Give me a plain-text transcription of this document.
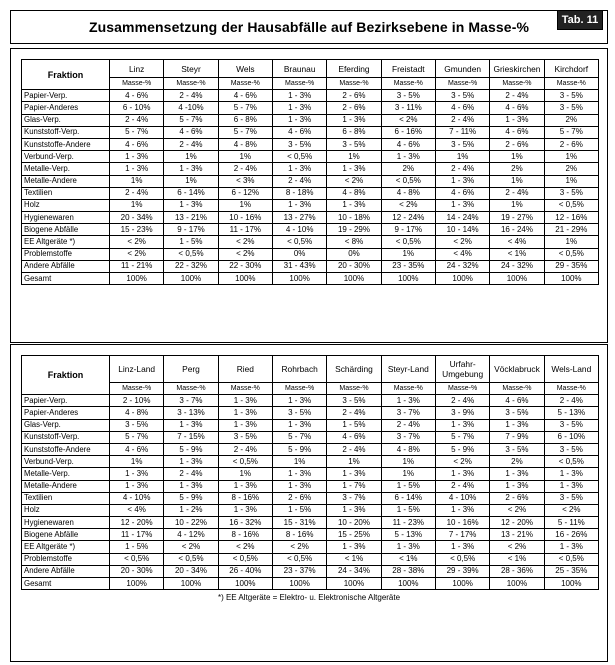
Zusammensetzung der Hausabfälle auf Bezirksebene in Masse-%	Tab. 11
Fraktion	Linz	Steyr	Wels	Braunau	Eferding	Freistadt	Gmunden	Grieskirchen	Kirchdorf
	Masse-%	Masse-%	Masse-%	Masse-%	Masse-%	Masse-%	Masse-%	Masse-%	Masse-%
Papier-Verp.	4 - 6%	2 - 4%	4 - 6%	1 - 3%	2 - 6%	3 - 5%	3 - 5%	2 - 4%	3 - 5%
Papier-Anderes	6 - 10%	4 -10%	5 - 7%	1 - 3%	2 - 6%	3 - 11%	4 - 6%	4 - 6%	3 - 5%
Glas-Verp.	2 - 4%	5 - 7%	6 - 8%	1 - 3%	1 - 3%	< 2%	2 - 4%	1 - 3%	2%
Kunststoff-Verp.	5 - 7%	4 - 6%	5 - 7%	4 - 6%	6 - 8%	6 - 16%	7 - 11%	4 - 6%	5 - 7%
Kunststoffe-Andere	4 - 6%	2 - 4%	4 - 8%	3 - 5%	3 - 5%	4 - 6%	3 - 5%	2 - 6%	2 - 6%
Verbund-Verp.	1 - 3%	1%	1%	< 0,5%	1%	1 - 3%	1%	1%	1%
Metalle-Verp.	1 - 3%	1 - 3%	2 - 4%	1 - 3%	1 - 3%	2%	2 - 4%	2%	2%
Metalle-Andere	1%	1%	< 3%	2 - 4%	< 2%	< 0,5%	1 - 3%	1%	1%
Textilien	2 - 4%	6 - 14%	6 - 12%	8 - 18%	4 - 8%	4 - 8%	4 - 6%	2 - 4%	3 - 5%
Holz	1%	1 - 3%	1%	1 - 3%	1 - 3%	< 2%	1 - 3%	1%	< 0,5%
Hygienewaren	20 - 34%	13 - 21%	10 - 16%	13 - 27%	10 - 18%	12 - 24%	14 - 24%	19 - 27%	12 - 16%
Biogene Abfälle	15 - 23%	9 - 17%	11 - 17%	4 - 10%	19 - 29%	9 - 17%	10 - 14%	16 - 24%	21 - 29%
EE Altgeräte *)	< 2%	1 - 5%	< 2%	< 0,5%	< 8%	< 0,5%	< 2%	< 4%	1%
Problemstoffe	< 2%	< 0,5%	< 2%	0%	0%	1%	< 4%	< 1%	< 0,5%
Andere Abfälle	11 - 21%	22 - 32%	22 - 30%	31 - 43%	20 - 30%	23 - 35%	24 - 32%	24 - 32%	29 - 35%
Gesamt	100%	100%	100%	100%	100%	100%	100%	100%	100%
Fraktion	Linz-Land	Perg	Ried	Rohrbach	Schärding	Steyr-Land	Urfahr-Umgebung	Vöcklabruck	Wels-Land
	Masse-%	Masse-%	Masse-%	Masse-%	Masse-%	Masse-%	Masse-%	Masse-%	Masse-%
Papier-Verp.	2 - 10%	3 - 7%	1 - 3%	1 - 3%	3 - 5%	1 - 3%	2 - 4%	4 - 6%	2 - 4%
Papier-Anderes	4 - 8%	3 - 13%	1 - 3%	3 - 5%	2 - 4%	3 - 7%	3 - 9%	3 - 5%	5 - 13%
Glas-Verp.	3 - 5%	1 - 3%	1 - 3%	1 - 3%	1 - 5%	2 - 4%	1 - 3%	1 - 3%	3 - 5%
Kunststoff-Verp.	5 - 7%	7 - 15%	3 - 5%	5 - 7%	4 - 6%	3 - 7%	5 - 7%	7 - 9%	6 - 10%
Kunststoffe-Andere	4 - 6%	5 - 9%	2 - 4%	5 - 9%	2 - 4%	4 - 8%	5 - 9%	3 - 5%	3 - 5%
Verbund-Verp.	1%	1 - 3%	< 0,5%	1%	1%	1%	< 2%	2%	< 0,5%
Metalle-Verp.	1 - 3%	2 - 4%	1%	1 - 3%	1 - 3%	1%	1 - 3%	1 - 3%	1 - 3%
Metalle-Andere	1 - 3%	1 - 3%	1 - 3%	1 - 3%	1 - 7%	1 - 5%	2 - 4%	1 - 3%	1 - 3%
Textilien	4 - 10%	5 - 9%	8 - 16%	2 - 6%	3 - 7%	6 - 14%	4 - 10%	2 - 6%	3 - 5%
Holz	< 4%	1 - 2%	1 - 3%	1 - 5%	1 - 3%	1 - 5%	1 - 3%	< 2%	< 2%
Hygienewaren	12 - 20%	10 - 22%	16 - 32%	15 - 31%	10 - 20%	11 - 23%	10 - 16%	12 - 20%	5 - 11%
Biogene Abfälle	11 - 17%	4 - 12%	8 - 16%	8 - 16%	15 - 25%	5 - 13%	7 - 17%	13 - 21%	16 - 26%
EE Altgeräte *)	1 - 5%	< 2%	< 2%	< 2%	1 - 3%	1 - 3%	1 - 3%	< 2%	1 - 3%
Problemstoffe	< 0,5%	< 0,5%	< 0,5%	< 0,5%	< 1%	< 1%	< 0,5%	< 1%	< 0,5%
Andere Abfälle	20 - 30%	20 - 34%	26 - 40%	23 - 37%	24 - 34%	28 - 38%	29 - 39%	28 - 36%	25 - 35%
Gesamt	100%	100%	100%	100%	100%	100%	100%	100%	100%
*) EE Altgeräte = Elektro- u. Elektronische Altgeräte
